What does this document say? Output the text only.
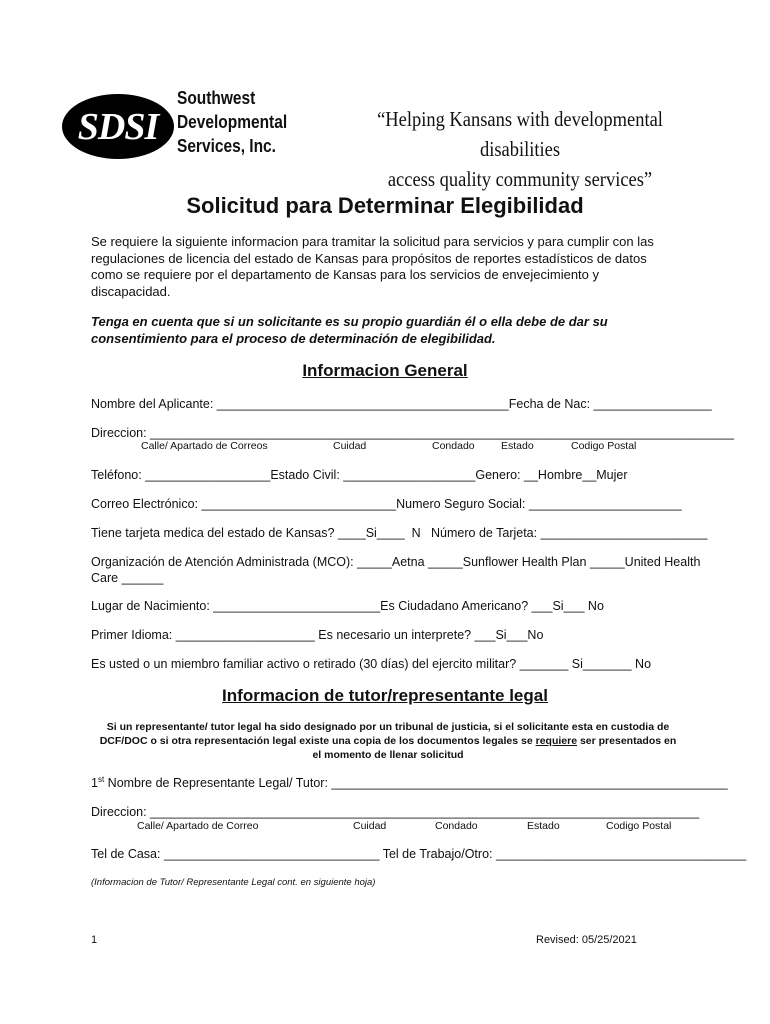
SDSI
Southwest
Developmental
Services, Inc.
“Helping Kansans with developmental disabilities
access quality community services”
Solicitud para Determinar Elegibilidad
Se requiere la siguiente informacion para tramitar la solicitud para servicios y para cumplir con las regulaciones de licencia del estado de Kansas para propósitos de reportes estadísticos de datos como se requiere por el departamento de Kansas para los servicios de envejecimiento y discapacidad.
Tenga en cuenta que si un solicitante es su propio guardián él o ella debe de dar su consentimiento para el proceso de determinación de elegibilidad.
Informacion General
Nombre del Aplicante: __________________________________________Fecha de Nac: _________________
Direccion: ____________________________________________________________________________________
Calle/ Apartado de Correos	Cuidad	Condado	Estado	Codigo Postal
Teléfono: __________________Estado Civil: ___________________Genero: __Hombre__Mujer
Correo Electrónico: ____________________________Numero Seguro Social: ______________________
Tiene tarjeta medica del estado de Kansas? ____Si____  N   Número de Tarjeta: ________________________
Organización de Atención Administrada (MCO): _____Aetna _____Sunflower Health Plan _____United Health
Care ______
Lugar de Nacimiento: ________________________Es Ciudadano Americano? ___Si___ No
Primer Idioma: ____________________ Es necesario un interprete? ___Si___No
Es usted o un miembro familiar activo o retirado (30 días) del ejercito militar? _______ Si_______ No
Informacion de tutor/representante legal
Si un representante/ tutor legal ha sido designado por un tribunal de justicia, si el solicitante esta en custodia de
DCF/DOC o si otra representación legal existe una copia de los documentos legales se requiere ser presentados en
el momento de llenar solicitud
1st Nombre de Representante Legal/ Tutor: _________________________________________________________
Direccion: _______________________________________________________________________________
Calle/ Apartado de Correo	Cuidad	Condado	Estado	Codigo Postal
Tel de Casa: _______________________________ Tel de Trabajo/Otro: ____________________________________
(Informacion de Tutor/ Representante Legal cont. en siguiente hoja)
1	Revised: 05/25/2021
